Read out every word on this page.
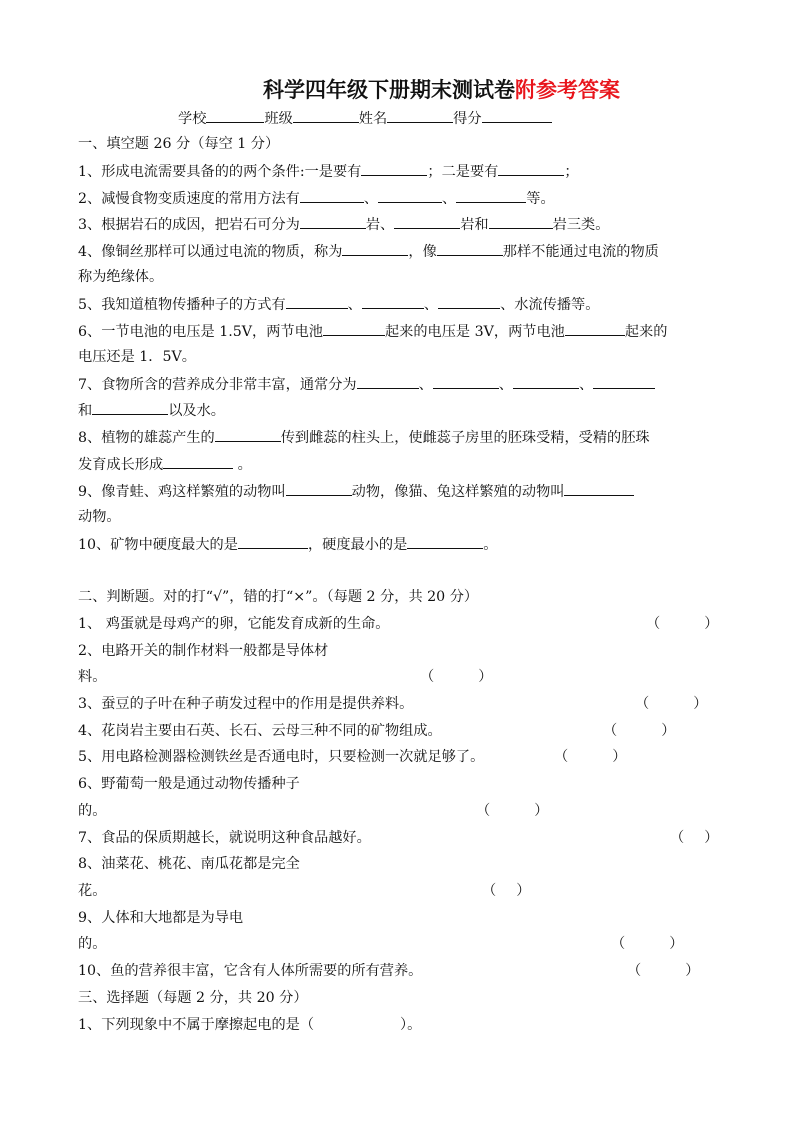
科学四年级下册期末测试卷附参考答案
学校	班级	姓名	得分
一、填空题 26 分（每空 1 分）
1、形成电流需要具备的的两个条件:一是要有	；二是要有	；
2、减慢食物变质速度的常用方法有	、	、	等。
3、根据岩石的成因，把岩石可分为	岩、	岩和	岩三类。
4、像铜丝那样可以通过电流的物质，称为	，像	那样不能通过电流的物质
称为绝缘体。
5、我知道植物传播种子的方式有	、	、	、水流传播等。
6、一节电池的电压是 1.5V，两节电池	起来的电压是 3V，两节电池	起来的
电压还是 1．5V。
7、食物所含的营养成分非常丰富，通常分为	、	、	、
和	以及水。
8、植物的雄蕊产生的	传到雌蕊的柱头上，使雌蕊子房里的胚珠受精，受精的胚珠
发育成长形成	。
9、像青蛙、鸡这样繁殖的动物叫	动物，像猫、兔这样繁殖的动物叫
动物。
10、矿物中硬度最大的是	，硬度最小的是	。
二、判断题。对的打“√”，错的打“×”。（每题 2 分，共 20 分）
1、 鸡蛋就是母鸡产的卵，它能发育成新的生命。	（	）
2、电路开关的制作材料一般都是导体材
料。	（	）
3、蚕豆的子叶在种子萌发过程中的作用是提供养料。	（	）
4、花岗岩主要由石英、长石、云母三种不同的矿物组成。	（	）
5、用电路检测器检测铁丝是否通电时，只要检测一次就足够了。	（	）
6、野葡萄一般是通过动物传播种子
的。	（	）
7、食品的保质期越长，就说明这种食品越好。	（ ）
8、油菜花、桃花、南瓜花都是完全
花。	（ ）
9、人体和大地都是为导电
的。	（	）
10、鱼的营养很丰富，它含有人体所需要的所有营养。	（	）
三、选择题（每题 2 分，共 20 分）
1、下列现象中不属于摩擦起电的是（	）。
